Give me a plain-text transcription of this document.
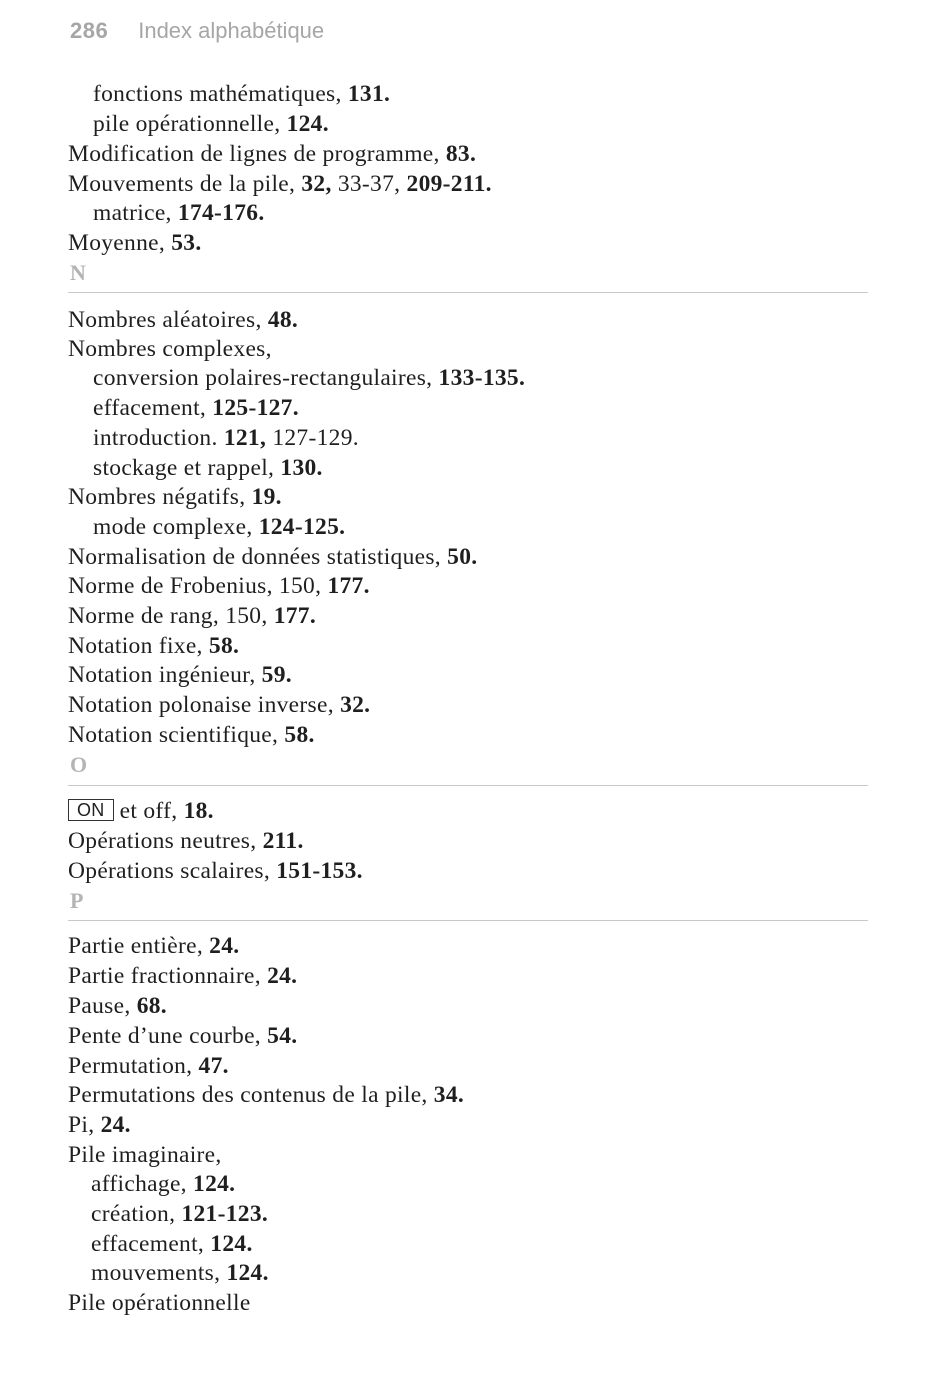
286 Index alphabétique
fonctions mathématiques, 131.
pile opérationnelle, 124.
Modification de lignes de programme, 83.
Mouvements de la pile, 32, 33-37, 209-211.
matrice, 174-176.
Moyenne, 53.
Nombres aléatoires, 48.
Nombres complexes,
conversion polaires-rectangulaires, 133-135.
effacement, 125-127.
introduction. 121, 127-129.
stockage et rappel, 130.
Nombres négatifs, 19.
mode complexe, 124-125.
Normalisation de données statistiques, 50.
Norme de Frobenius, 150, 177.
Norme de rang, 150, 177.
Notation fixe, 58.
Notation ingénieur, 59.
Notation polonaise inverse, 32.
Notation scientifique, 58.
ON et off, 18.
Opérations neutres, 211.
Opérations scalaires, 151-153.
Partie entière, 24.
Partie fractionnaire, 24.
Pause, 68.
Pente d’une courbe, 54.
Permutation, 47.
Permutations des contenus de la pile, 34.
Pi, 24.
Pile imaginaire,
affichage, 124.
création, 121-123.
effacement, 124.
mouvements, 124.
Pile opérationnelle
N
O
P
